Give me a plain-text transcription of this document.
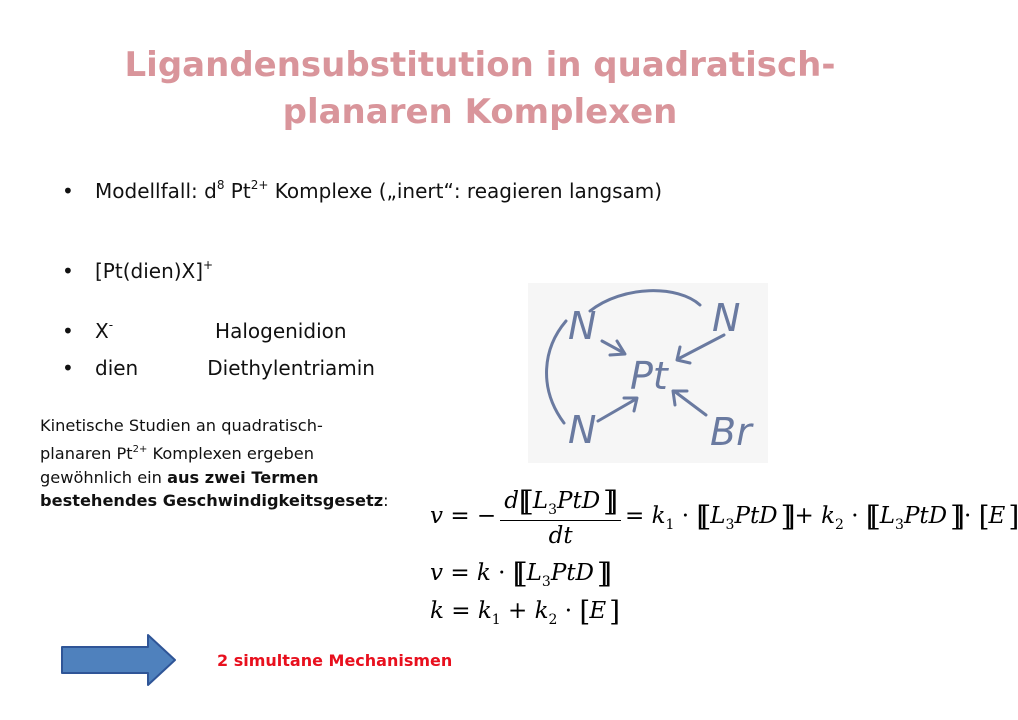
Ligandensubstitution in quadratisch-planaren Komplexen
• Modellfall: $d^8$ $Pt^{2+}$ Komplexe („inert“: reagieren langsam)
• [Pt(dien)X]+
• X-	Halogenidion
• dien	Diethylentriamin
N	N
N
Pt
Br
Kinetische Studien an quadratisch-planaren $Pt^{2+}$ Komplexen ergeben gewöhnlich ein aus zwei Termen bestehendes Geschwindigkeitsgesetz:
v = − $\frac{d[[ L_3PtD ]]}{dt} = k_1$ · [[ $L_3PtD$ ]] + $k_2$ · [[ $L_3PtD$ ]] · [ E ]
v = k · [[ $L_3PtD$ ]]
$k = k_1 + k_2$ · [ E ]
2 simultane Mechanismen
